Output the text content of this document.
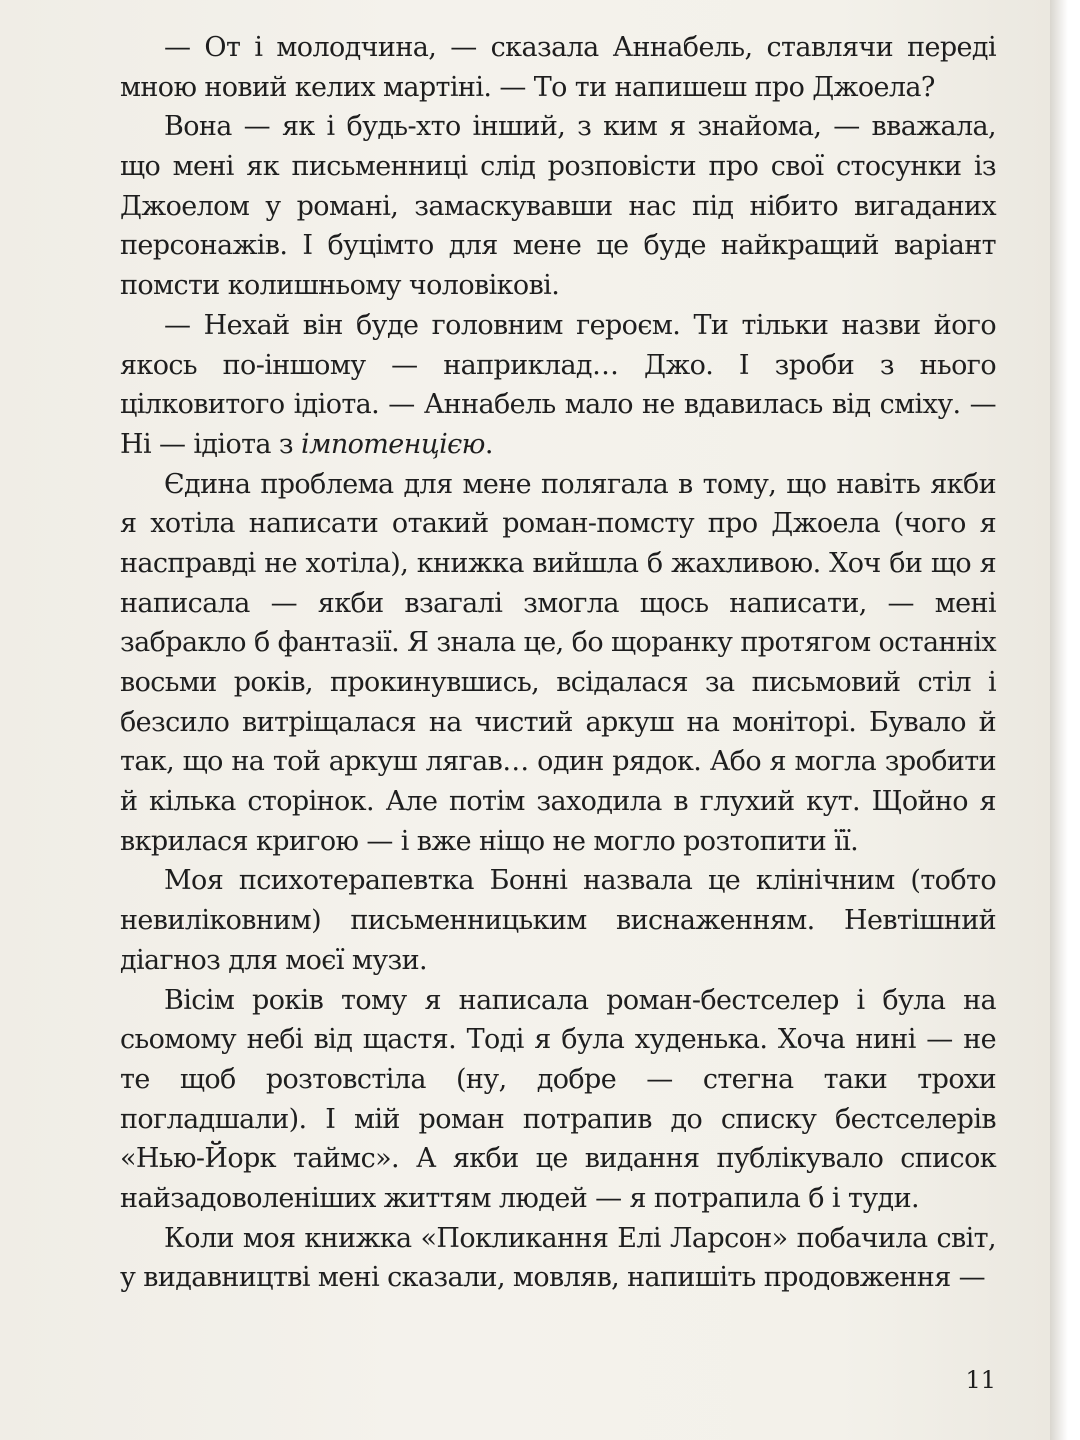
— От і молодчина, — сказала Аннабель, ставлячи переді мною новий келих мартіні. — То ти напишеш про Джоела?

Вона — як і будь-хто інший, з ким я знайома, — вважала, що мені як письменниці слід розповісти про свої стосунки із Джоелом у романі, замаскувавши нас під нібито вигаданих персонажів. І буцімто для мене це буде найкращий варіант помсти колишньому чоловікові.

— Нехай він буде головним героєм. Ти тільки назви його якось по-іншому — наприклад… Джо. І зроби з нього цілковитого ідіота. — Аннабель мало не вдавилась від сміху. — Ні — ідіота з імпотенцією.

Єдина проблема для мене полягала в тому, що навіть якби я хотіла написати отакий роман-помсту про Джоела (чого я насправді не хотіла), книжка вийшла б жахливою. Хоч би що я написала — якби взагалі змогла щось написати, — мені забракло б фантазії. Я знала це, бо щоранку протягом останніх восьми років, прокинувшись, всідалася за письмовий стіл і безсило витріщалася на чистий аркуш на моніторі. Бувало й так, що на той аркуш лягав… один рядок. Або я могла зробити й кілька сторінок. Але потім заходила в глухий кут. Щойно я вкрилася кригою — і вже ніщо не могло розтопити її.

Моя психотерапевтка Бонні назвала це клінічним (тобто невиліковним) письменницьким виснаженням. Невтішний діагноз для моєї музи.

Вісім років тому я написала роман-бестселер і була на сьомому небі від щастя. Тоді я була худенька. Хоча нині — не те щоб розтовстіла (ну, добре — стегна таки трохи погладшали). І мій роман потрапив до списку бестселерів «Нью-Йорк таймс». А якби це видання публікувало список найзадоволеніших життям людей — я потрапила б і туди.

Коли моя книжка «Покликання Елі Ларсон» побачила світ, у видавництві мені сказали, мовляв, напишіть продовження —

11
